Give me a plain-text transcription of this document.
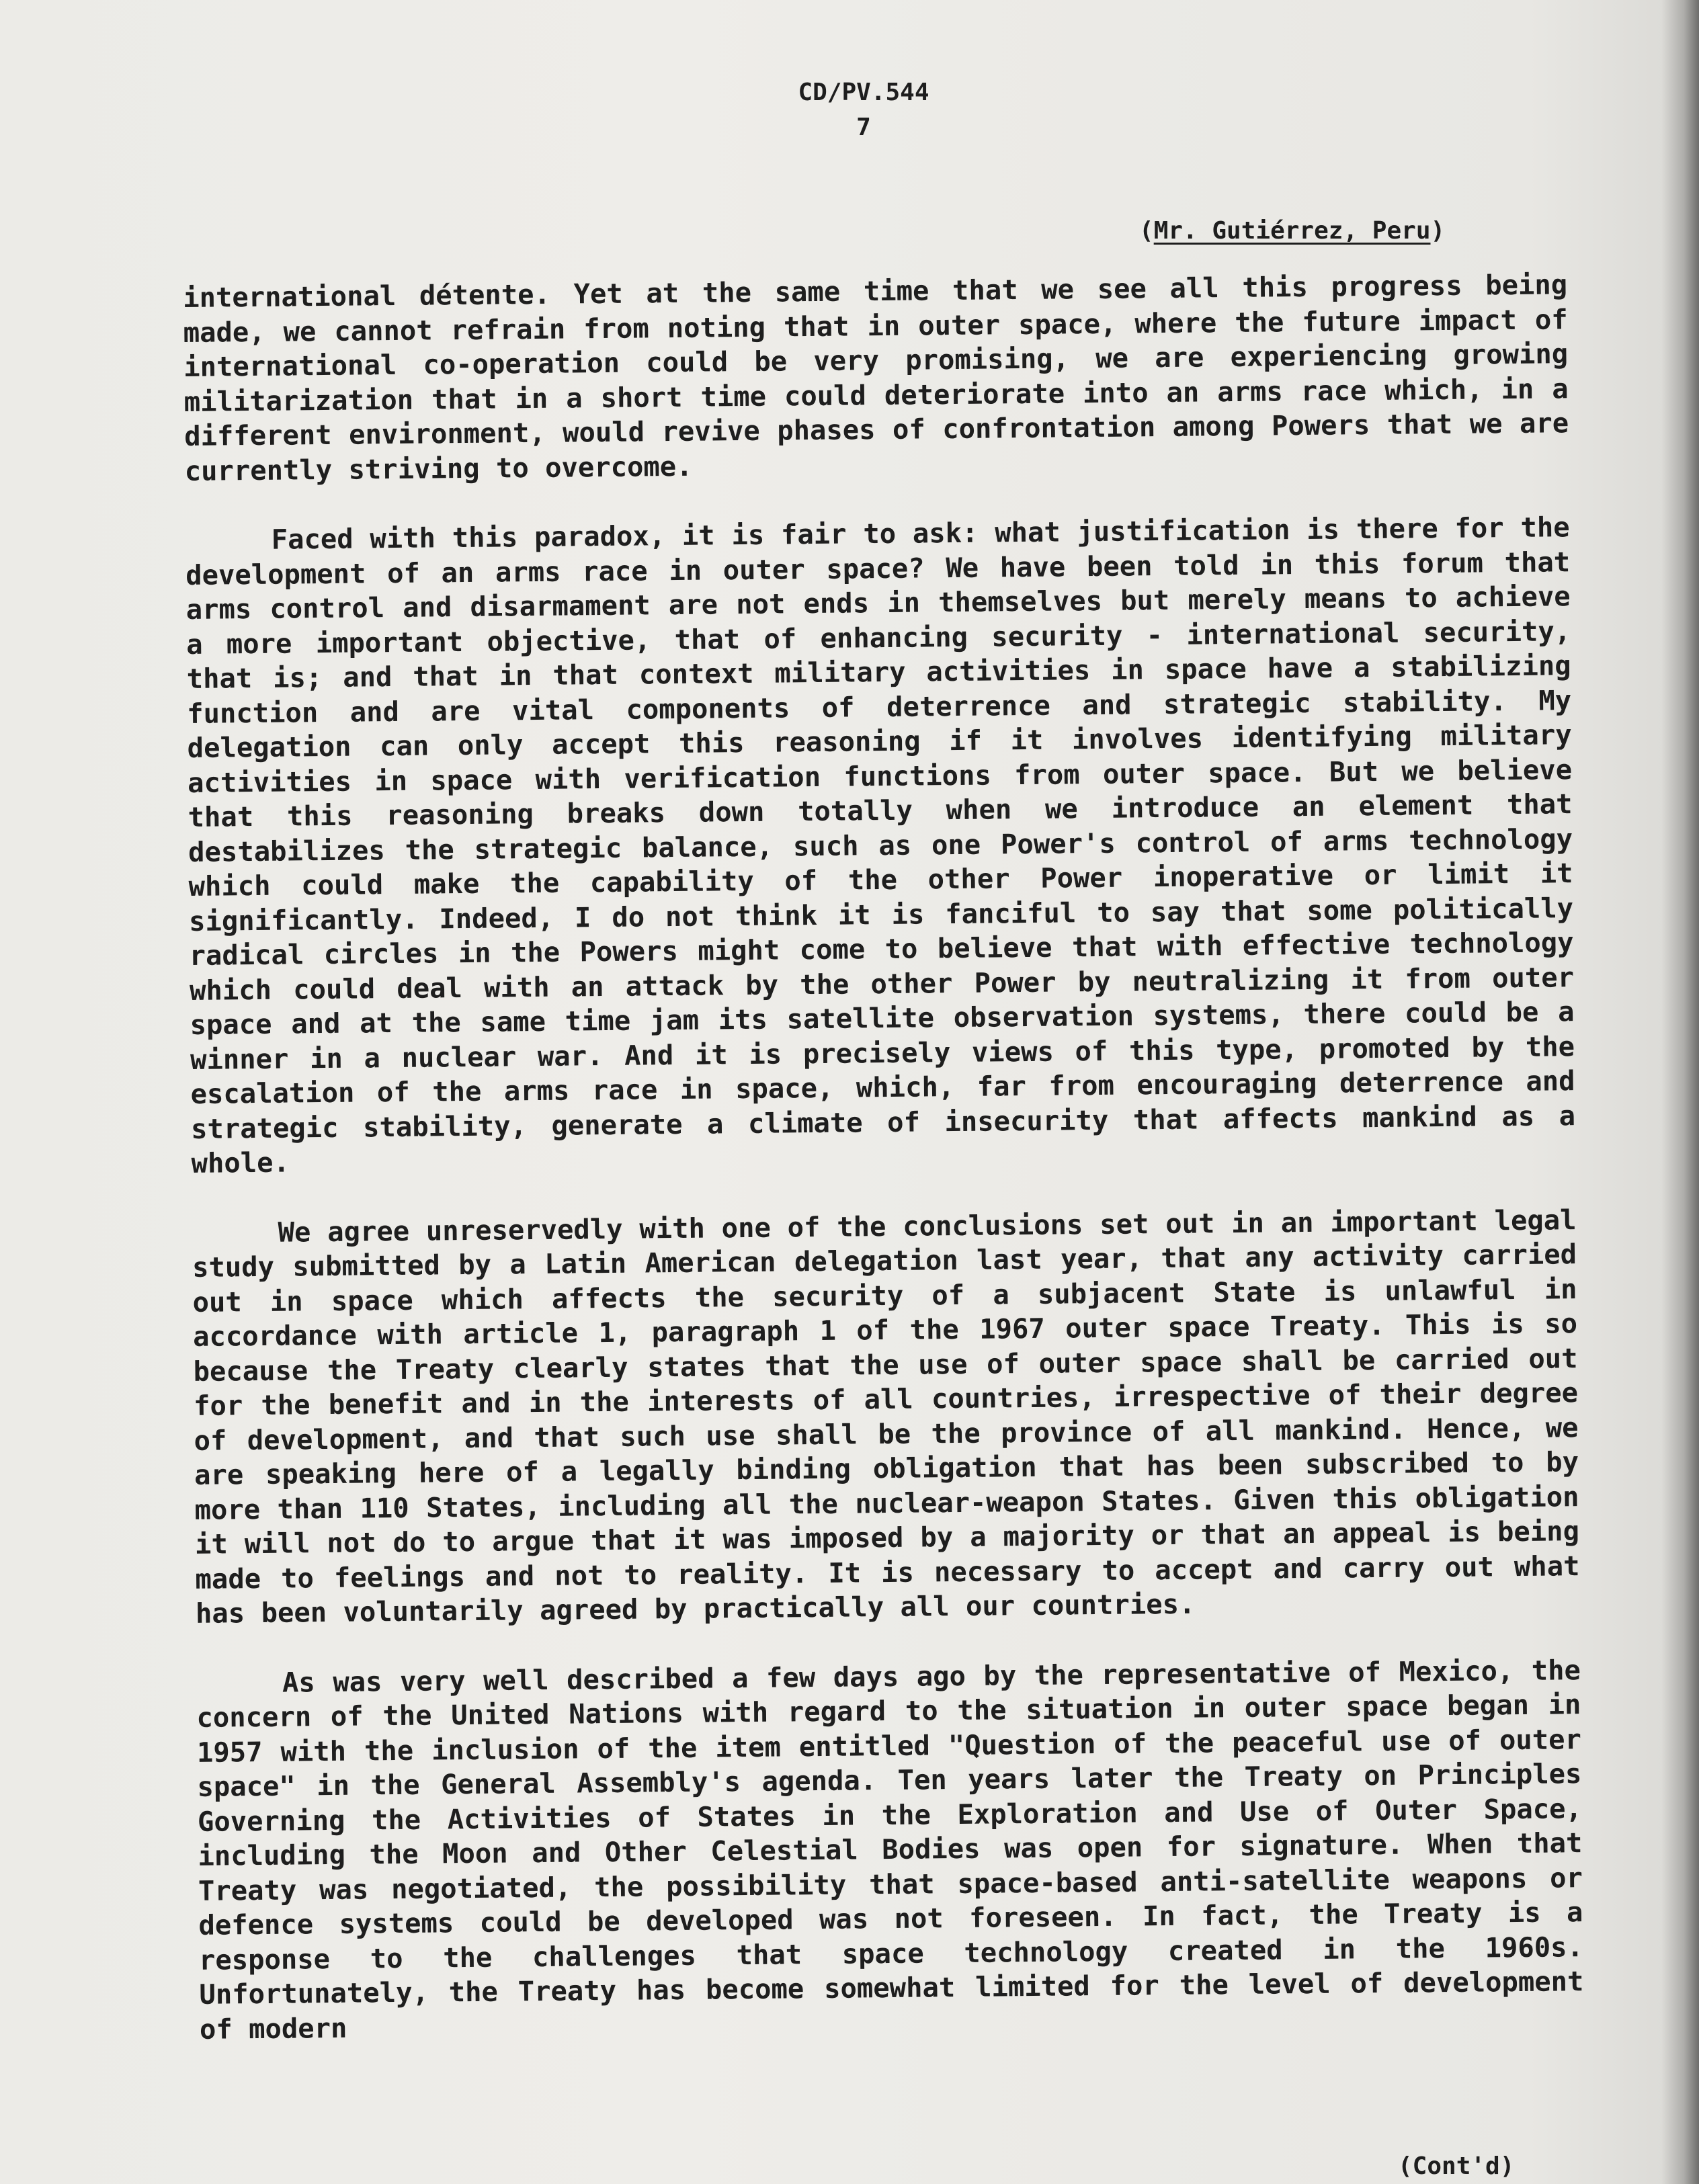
CD/PV.544
7
(Mr. Gutiérrez, Peru)

international détente. Yet at the same time that we see all this progress being made, we cannot refrain from noting that in outer space, where the future impact of international co-operation could be very promising, we are experiencing growing militarization that in a short time could deteriorate into an arms race which, in a different environment, would revive phases of confrontation among Powers that we are currently striving to overcome.

Faced with this paradox, it is fair to ask: what justification is there for the development of an arms race in outer space? We have been told in this forum that arms control and disarmament are not ends in themselves but merely means to achieve a more important objective, that of enhancing security - international security, that is; and that in that context military activities in space have a stabilizing function and are vital components of deterrence and strategic stability. My delegation can only accept this reasoning if it involves identifying military activities in space with verification functions from outer space. But we believe that this reasoning breaks down totally when we introduce an element that destabilizes the strategic balance, such as one Power's control of arms technology which could make the capability of the other Power inoperative or limit it significantly. Indeed, I do not think it is fanciful to say that some politically radical circles in the Powers might come to believe that with effective technology which could deal with an attack by the other Power by neutralizing it from outer space and at the same time jam its satellite observation systems, there could be a winner in a nuclear war. And it is precisely views of this type, promoted by the escalation of the arms race in space, which, far from encouraging deterrence and strategic stability, generate a climate of insecurity that affects mankind as a whole.

We agree unreservedly with one of the conclusions set out in an important legal study submitted by a Latin American delegation last year, that any activity carried out in space which affects the security of a subjacent State is unlawful in accordance with article 1, paragraph 1 of the 1967 outer space Treaty. This is so because the Treaty clearly states that the use of outer space shall be carried out for the benefit and in the interests of all countries, irrespective of their degree of development, and that such use shall be the province of all mankind. Hence, we are speaking here of a legally binding obligation that has been subscribed to by more than 110 States, including all the nuclear-weapon States. Given this obligation it will not do to argue that it was imposed by a majority or that an appeal is being made to feelings and not to reality. It is necessary to accept and carry out what has been voluntarily agreed by practically all our countries.

As was very well described a few days ago by the representative of Mexico, the concern of the United Nations with regard to the situation in outer space began in 1957 with the inclusion of the item entitled "Question of the peaceful use of outer space" in the General Assembly's agenda. Ten years later the Treaty on Principles Governing the Activities of States in the Exploration and Use of Outer Space, including the Moon and Other Celestial Bodies was open for signature. When that Treaty was negotiated, the possibility that space-based anti-satellite weapons or defence systems could be developed was not foreseen. In fact, the Treaty is a response to the challenges that space technology created in the 1960s. Unfortunately, the Treaty has become somewhat limited for the level of development of modern

(Cont'd)
